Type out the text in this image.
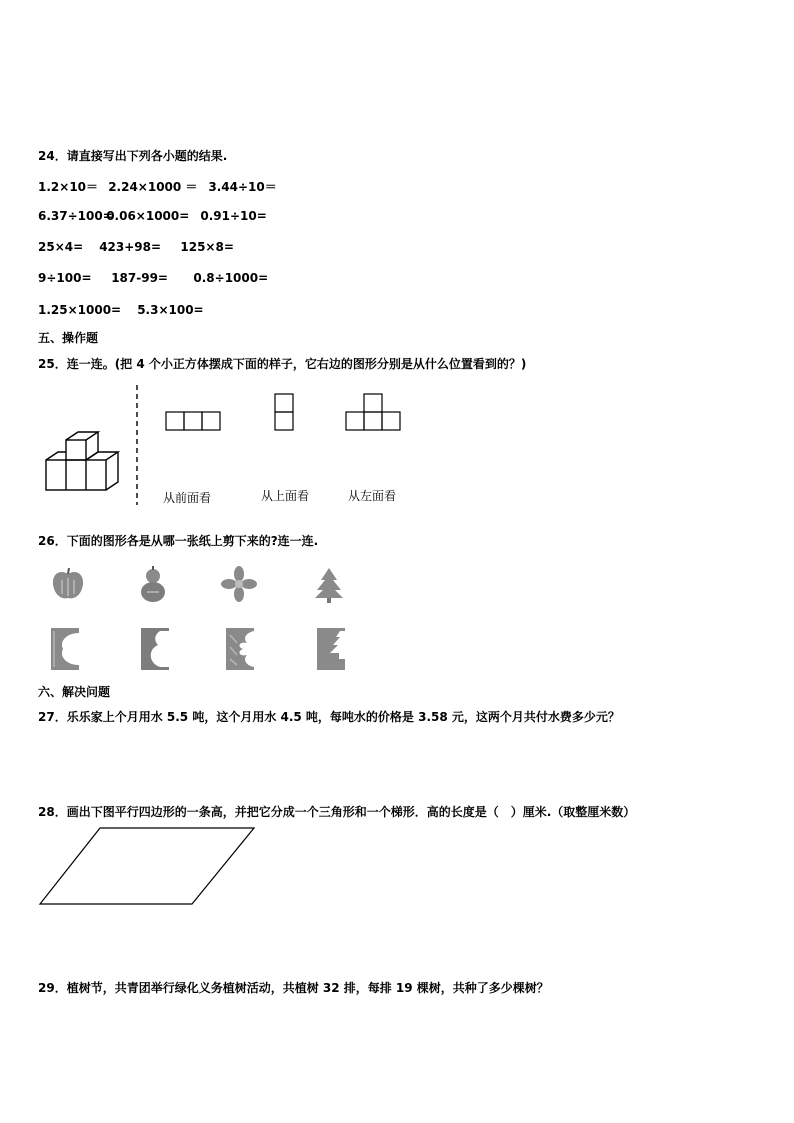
24．请直接写出下列各小题的结果.
1.2×10＝ 2.24×1000 ＝ 3.44÷10＝
6.37÷100= 0.06×1000= 0.91÷10=
25×4= 423+98= 125×8=
9÷100= 187-99= 0.8÷1000=
1.25×1000= 5.3×100=
五、操作题
25．连一连。(把 4 个小正方体摆成下面的样子，它右边的图形分别是从什么位置看到的？)
从前面看	从上面看	从左面看
26．下面的图形各是从哪一张纸上剪下来的?连一连.
六、解决问题
27．乐乐家上个月用水 5.5 吨，这个月用水 4.5 吨，每吨水的价格是 3.58 元，这两个月共付水费多少元？
28．画出下图平行四边形的一条高，并把它分成一个三角形和一个梯形．高的长度是（　）厘米.（取整厘米数）
29．植树节，共青团举行绿化义务植树活动，共植树 32 排，每排 19 棵树，共种了多少棵树？
